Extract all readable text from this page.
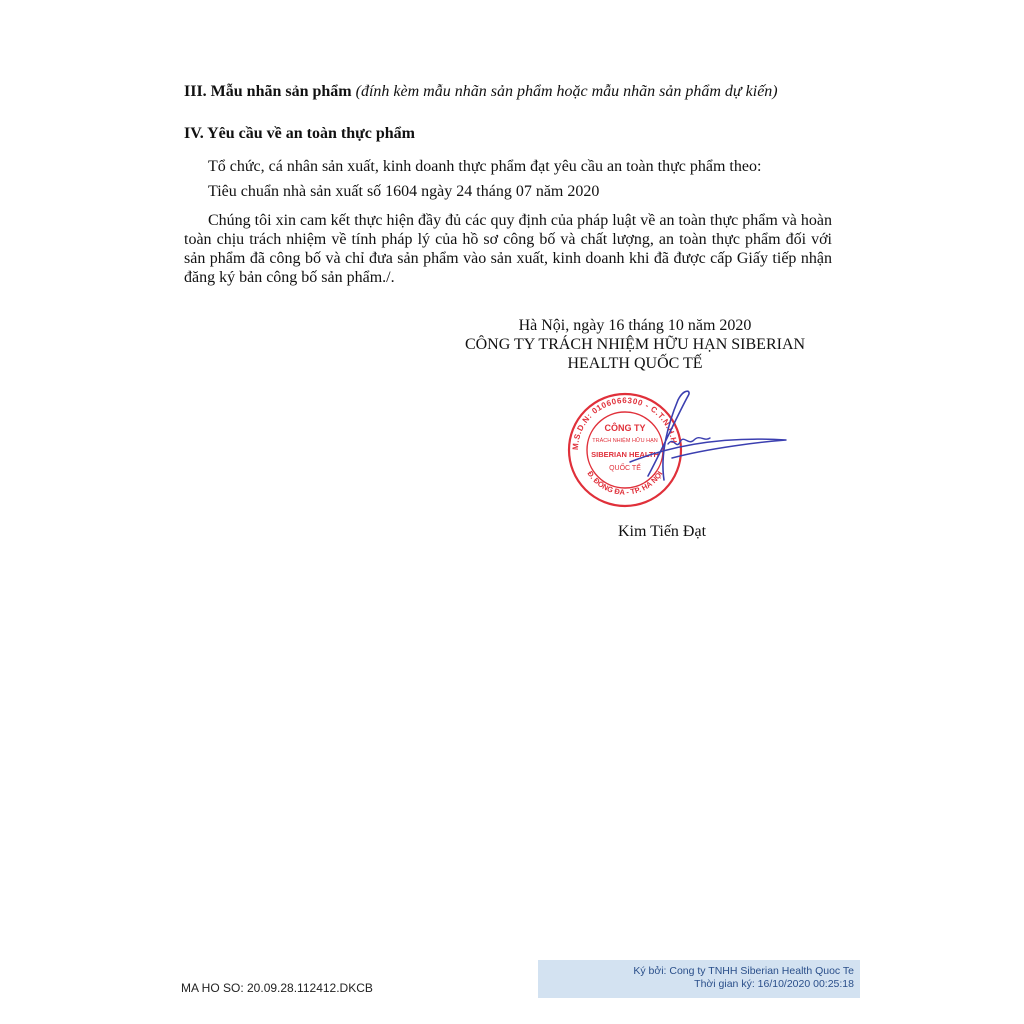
III. Mẫu nhãn sản phẩm (đính kèm mẫu nhãn sản phẩm hoặc mẫu nhãn sản phẩm dự kiến)
IV. Yêu cầu về an toàn thực phẩm
Tổ chức, cá nhân sản xuất, kinh doanh thực phẩm đạt yêu cầu an toàn thực phẩm theo:
Tiêu chuẩn nhà sản xuất số 1604 ngày 24 tháng 07 năm 2020
Chúng tôi xin cam kết thực hiện đầy đủ các quy định của pháp luật về an toàn thực phẩm và hoàn toàn chịu trách nhiệm về tính pháp lý của hồ sơ công bố và chất lượng, an toàn thực phẩm đối với sản phẩm đã công bố và chỉ đưa sản phẩm vào sản xuất, kinh doanh khi đã được cấp Giấy tiếp nhận đăng ký bản công bố sản phẩm./.
Hà Nội, ngày 16 tháng 10 năm 2020
CÔNG TY TRÁCH NHIỆM HỮU HẠN SIBERIAN
HEALTH QUỐC TẾ
M.S.D.N: 0106066300 - C.T.N.H.H
Đ. ĐỐNG ĐA - TP. HÀ NỘI
CÔNG TY
TRÁCH NHIỆM HỮU HẠN
SIBERIAN HEALTH
QUỐC TẾ
Kim Tiến Đạt
MA HO SO: 20.09.28.112412.DKCB
Ký bởi: Cong ty TNHH Siberian Health Quoc Te
Thời gian ký: 16/10/2020 00:25:18
